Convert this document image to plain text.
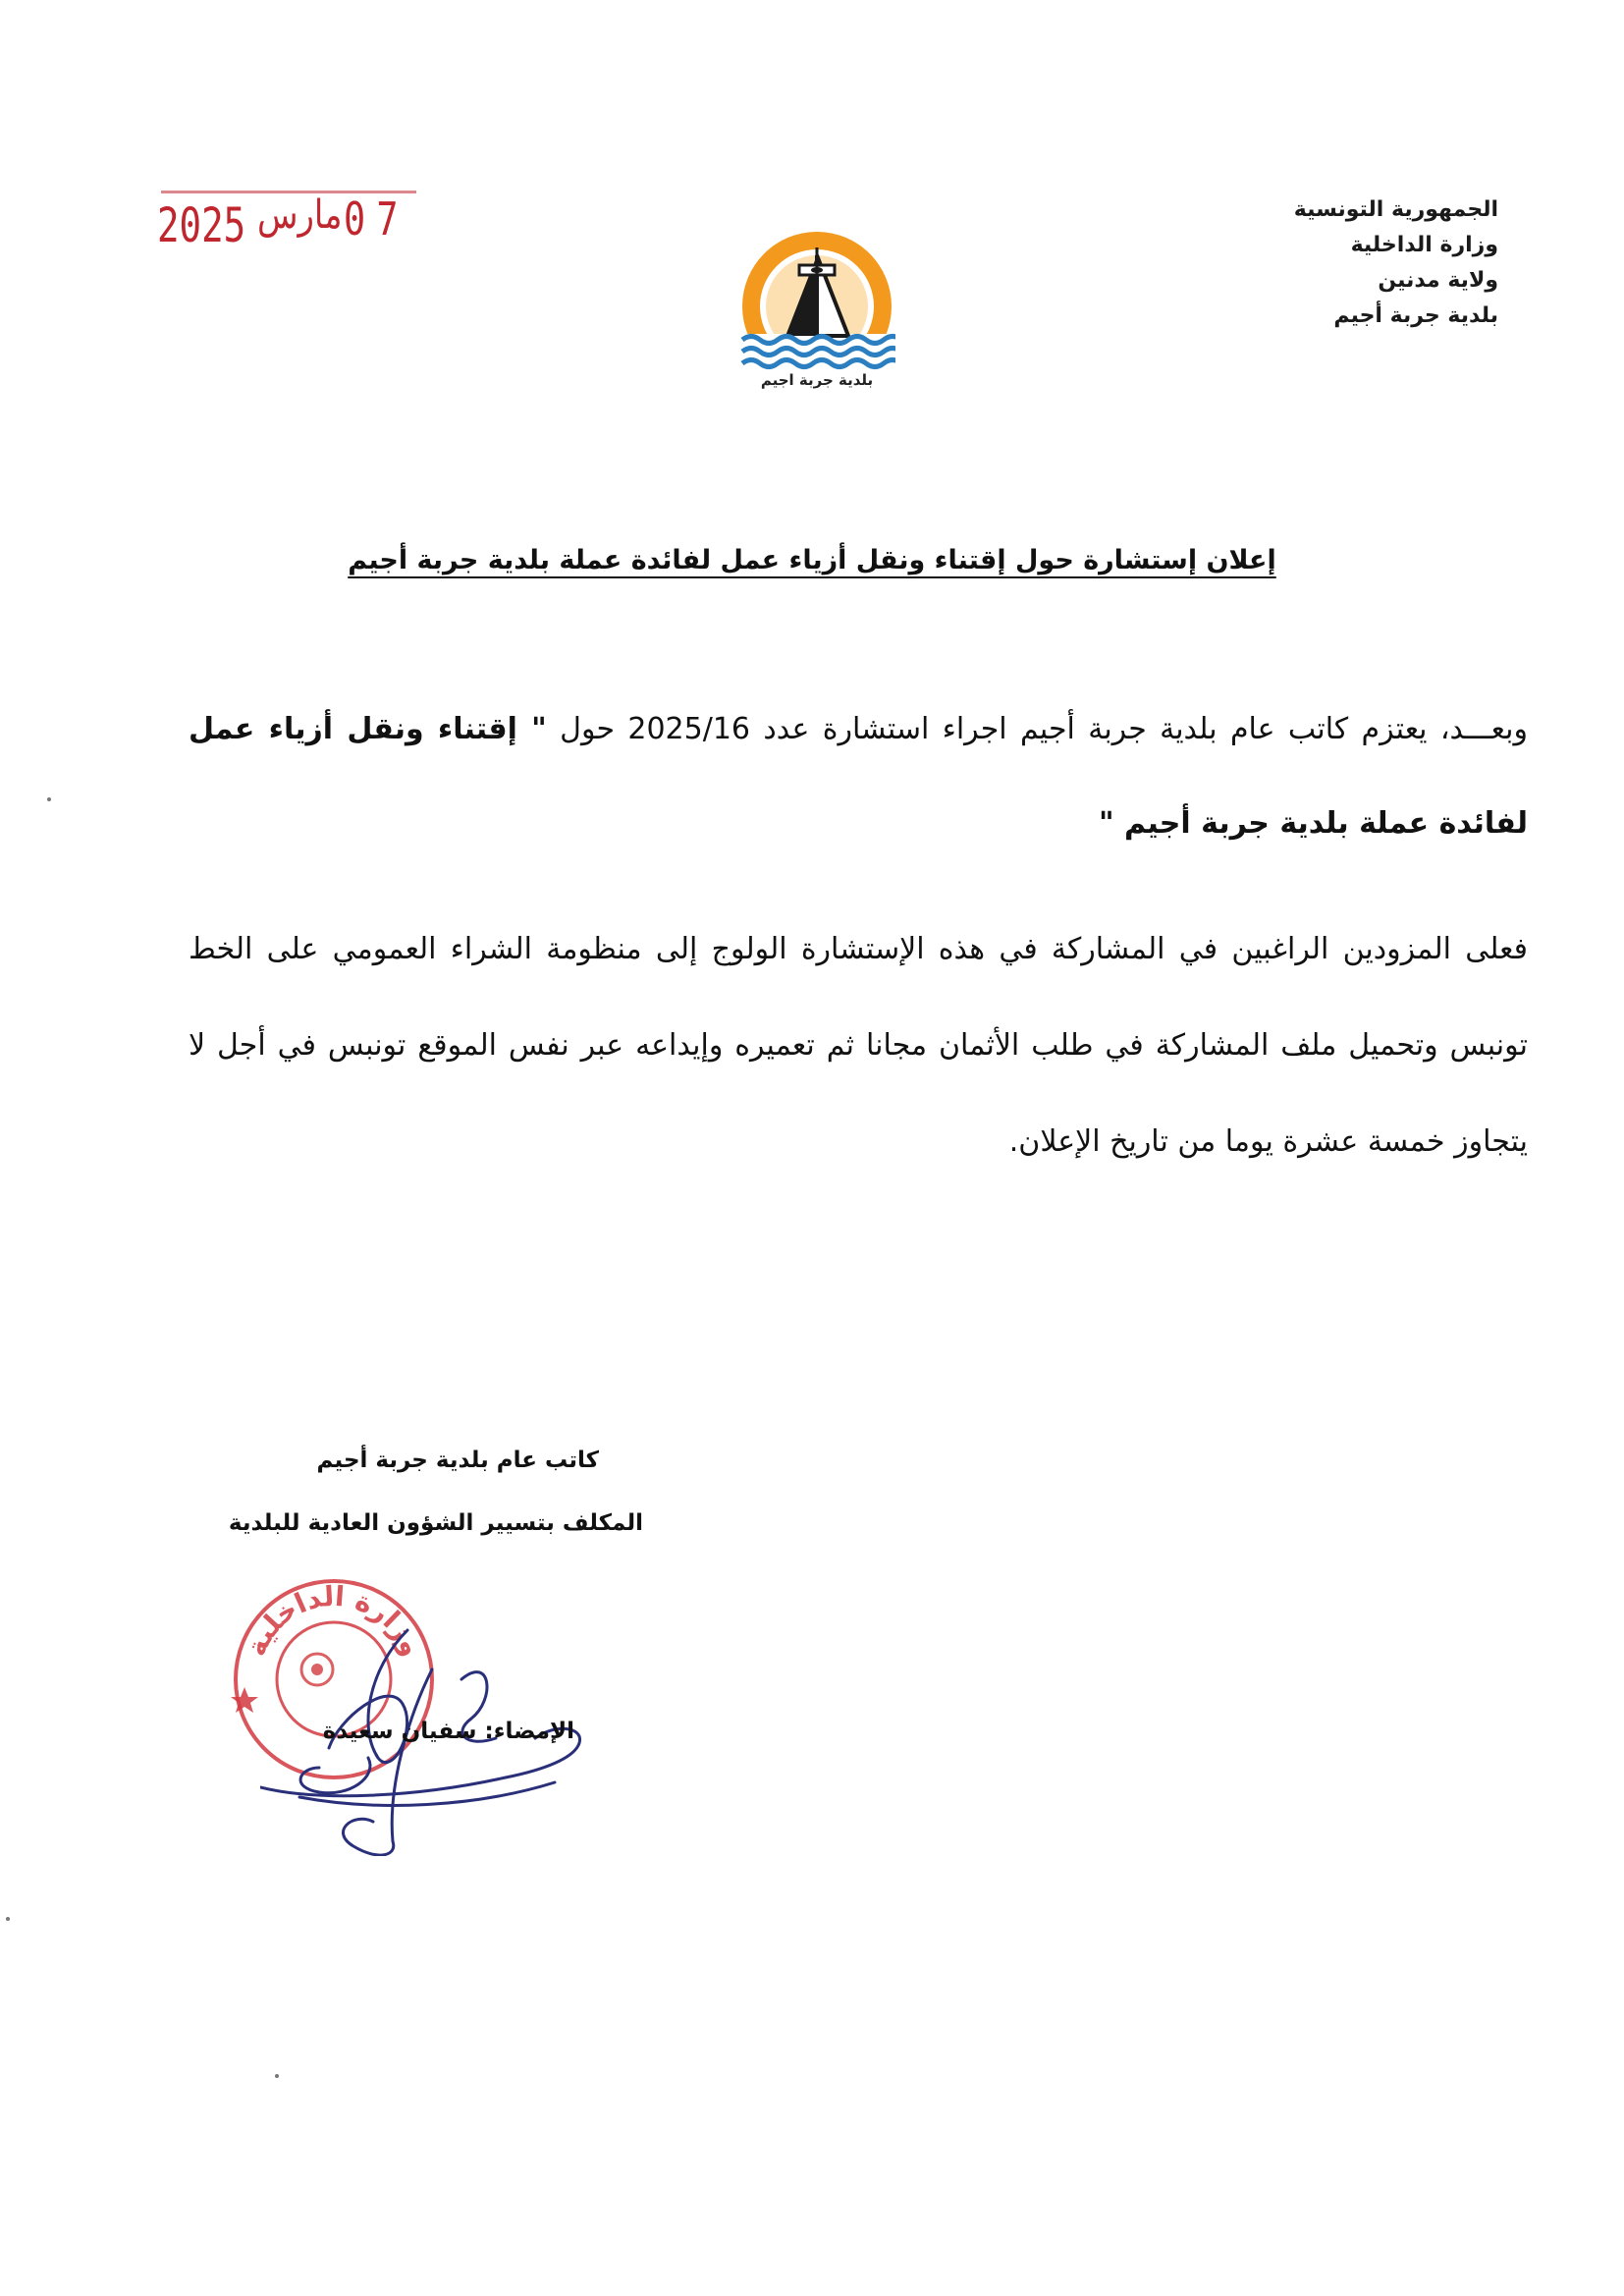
الجمهورية التونسية
وزارة الداخلية
ولاية مدنين
بلدية جربة أجيم
2025 مارس 07
بلدية جربة اجيم
إعلان إستشارة حول إقتناء ونقل أزياء عمل لفائدة عملة بلدية جربة أجيم
وبعـــد، يعتزم كاتب عام بلدية جربة أجيم اجراء استشارة عدد 2025/16 حول " إقتناء ونقل أزياء عمل لفائدة عملة بلدية جربة أجيم "
فعلى المزودين الراغبين في المشاركة في هذه الإستشارة الولوج إلى منظومة الشراء العمومي على الخط تونبس وتحميل ملف المشاركة في طلب الأثمان مجانا ثم تعميره وإيداعه عبر نفس الموقع تونبس في أجل لا يتجاوز خمسة عشرة يوما من تاريخ الإعلان.
كاتب عام بلدية جربة أجيم
المكلف بتسيير الشؤون العادية للبلدية
وزارة الداخلية
الإمضاء: سفيان سعيدة
